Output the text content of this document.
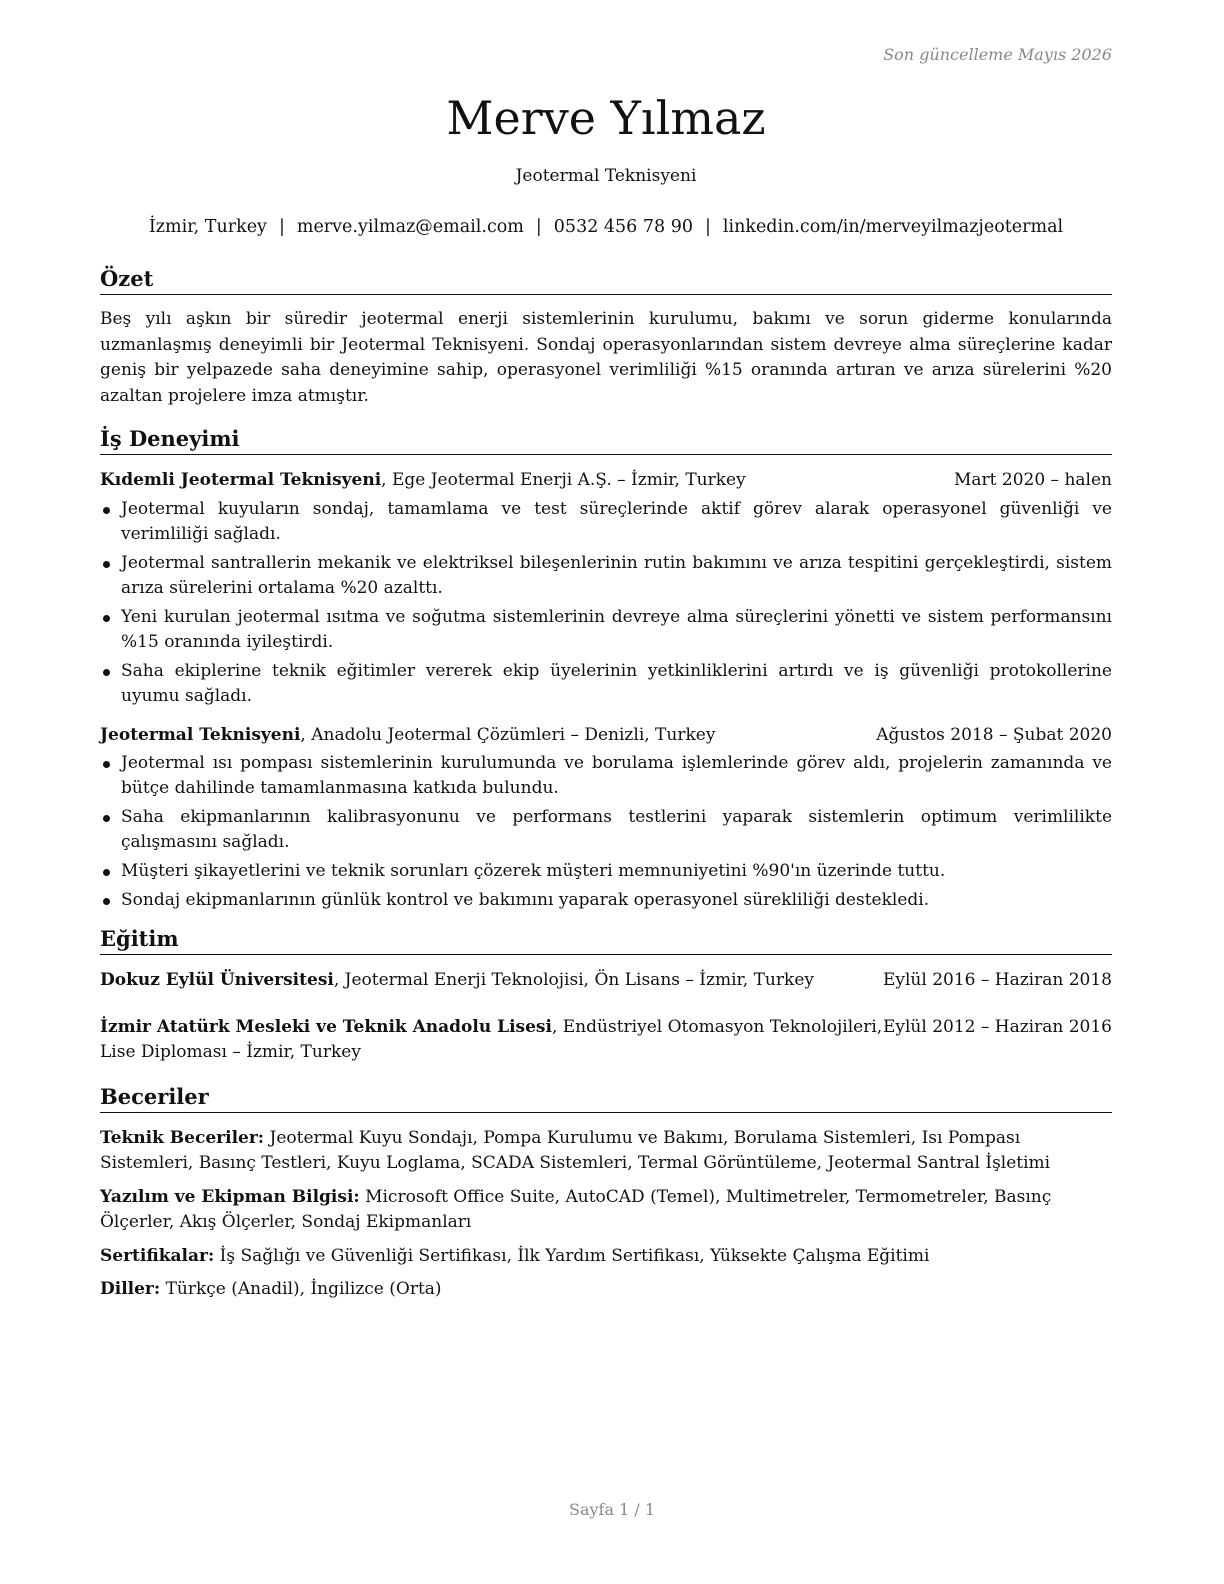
Son güncelleme Mayıs 2026
Merve Yılmaz
Jeotermal Teknisyeni
İzmir, Turkey | merve.yilmaz@email.com | 0532 456 78 90 | linkedin.com/in/merveyilmazjeotermal
Özet

Beş yılı aşkın bir süredir jeotermal enerji sistemlerinin kurulumu, bakımı ve sorun giderme konularında uzmanlaşmış deneyimli bir Jeotermal Teknisyeni. Sondaj operasyonlarından sistem devreye alma süreçlerine kadar geniş bir yelpazede saha deneyimine sahip, operasyonel verimliliği %15 oranında artıran ve arıza sürelerini %20 azaltan projelere imza atmıştır.

İş Deneyimi
Kıdemli Jeotermal Teknisyeni, Ege Jeotermal Enerji A.Ş. – İzmir, Turkey	Mart 2020 – halen
Jeotermal kuyuların sondaj, tamamlama ve test süreçlerinde aktif görev alarak operasyonel güvenliği ve verimliliği sağladı.
Jeotermal santrallerin mekanik ve elektriksel bileşenlerinin rutin bakımını ve arıza tespitini gerçekleştirdi, sistem arıza sürelerini ortalama %20 azalttı.
Yeni kurulan jeotermal ısıtma ve soğutma sistemlerinin devreye alma süreçlerini yönetti ve sistem performansını %15 oranında iyileştirdi.
Saha ekiplerine teknik eğitimler vererek ekip üyelerinin yetkinliklerini artırdı ve iş güvenliği protokollerine uyumu sağladı.
Jeotermal Teknisyeni, Anadolu Jeotermal Çözümleri – Denizli, Turkey	Ağustos 2018 – Şubat 2020
Jeotermal ısı pompası sistemlerinin kurulumunda ve borulama işlemlerinde görev aldı, projelerin zamanında ve bütçe dahilinde tamamlanmasına katkıda bulundu.
Saha ekipmanlarının kalibrasyonunu ve performans testlerini yaparak sistemlerin optimum verimlilikte çalışmasını sağladı.
Müşteri şikayetlerini ve teknik sorunları çözerek müşteri memnuniyetini %90'ın üzerinde tuttu.
Sondaj ekipmanlarının günlük kontrol ve bakımını yaparak operasyonel sürekliliği destekledi.
Eğitim
Dokuz Eylül Üniversitesi, Jeotermal Enerji Teknolojisi, Ön Lisans – İzmir, Turkey	Eylül 2016 – Haziran 2018
İzmir Atatürk Mesleki ve Teknik Anadolu Lisesi, Endüstriyel Otomasyon Teknolojileri, Lise Diploması – İzmir, Turkey
Eylül 2012 – Haziran 2016
Beceriler
Teknik Beceriler: Jeotermal Kuyu Sondajı, Pompa Kurulumu ve Bakımı, Borulama Sistemleri, Isı Pompası Sistemleri, Basınç Testleri, Kuyu Loglama, SCADA Sistemleri, Termal Görüntüleme, Jeotermal Santral İşletimi
Yazılım ve Ekipman Bilgisi: Microsoft Office Suite, AutoCAD (Temel), Multimetreler, Termometreler, Basınç Ölçerler, Akış Ölçerler, Sondaj Ekipmanları
Sertifikalar: İş Sağlığı ve Güvenliği Sertifikası, İlk Yardım Sertifikası, Yüksekte Çalışma Eğitimi
Diller: Türkçe (Anadil), İngilizce (Orta)
Sayfa 1 / 1
